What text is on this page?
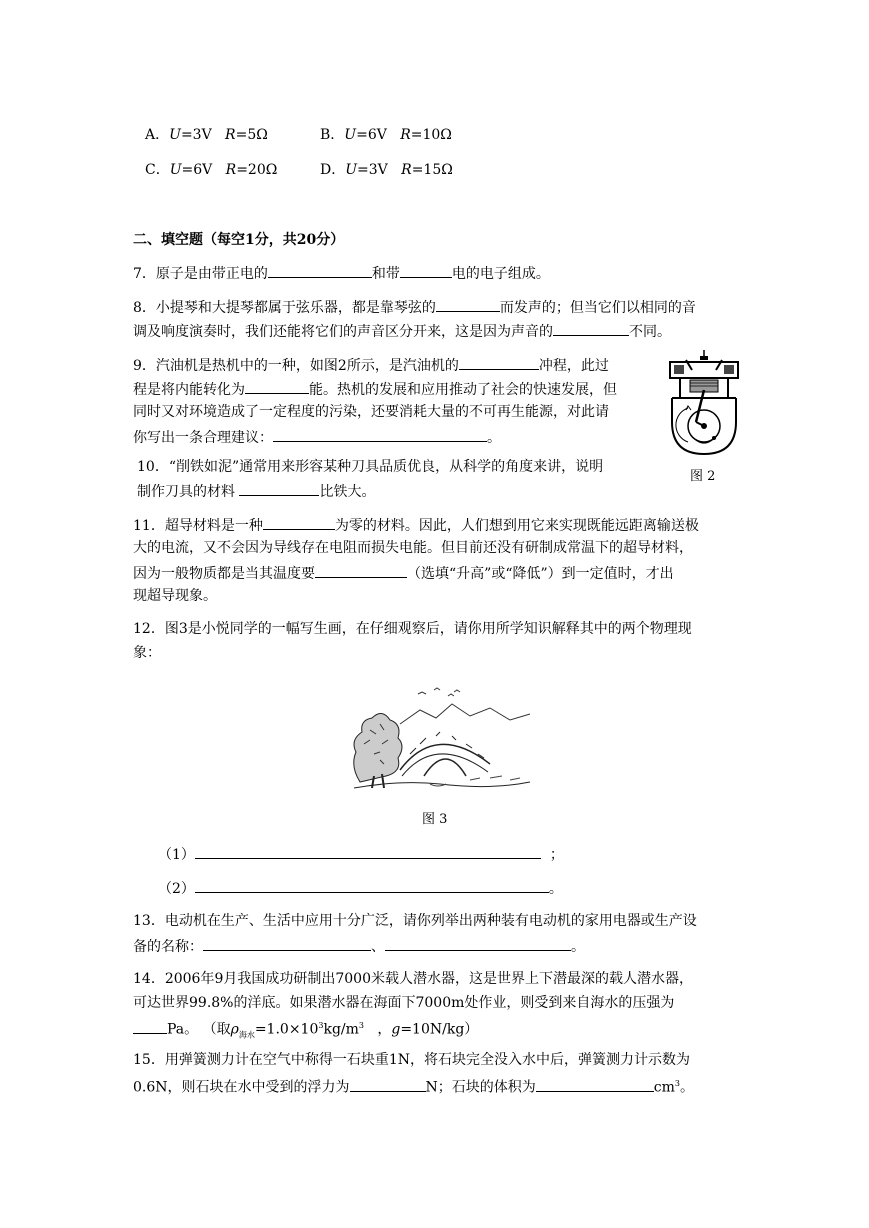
A．U=3V R=5Ω	B．U=6V R=10Ω
C．U=6V R=20Ω	D．U=3V R=15Ω
二、填空题（每空1分，共20分）
7．原子是由带正电的	和带	电的电子组成。
8．小提琴和大提琴都属于弦乐器，都是靠琴弦的	而发声的；但当它们以相同的音
调及响度演奏时，我们还能将它们的声音区分开来，这是因为声音的	不同。
9．汽油机是热机中的一种，如图2所示，是汽油机的	冲程，此过
程是将内能转化为	能。热机的发展和应用推动了社会的快速发展，但
同时又对环境造成了一定程度的污染，还要消耗大量的不可再生能源，对此请
你写出一条合理建议：	。
图 2
10．“削铁如泥”通常用来形容某种刀具品质优良，从科学的角度来讲，说明
制作刀具的材料	比铁大。
11．超导材料是一种	为零的材料。因此，人们想到用它来实现既能远距离输送极
大的电流，又不会因为导线存在电阻而损失电能。但目前还没有研制成常温下的超导材料，
因为一般物质都是当其温度要	（选填“升高”或“降低”）到一定值时，才出
现超导现象。
12．图3是小悦同学的一幅写生画，在仔细观察后，请你用所学知识解释其中的两个物理现
象：
图 3
（1）	；
（2）	。
13．电动机在生产、生活中应用十分广泛，请你列举出两种装有电动机的家用电器或生产设
备的名称：	、	。
14．2006年9月我国成功研制出7000米载人潜水器，这是世界上下潜最深的载人潜水器，
可达世界99.8%的洋底。如果潜水器在海面下7000m处作业，则受到来自海水的压强为
Pa。 （取$\rho_{海水}=1.0\times 10^3kg/m^3$   ，g=10N/kg）
15．用弹簧测力计在空气中称得一石块重1N，将石块完全没入水中后，弹簧测力计示数为
0.6N，则石块在水中受到的浮力为	N；石块的体积为	$cm^3$。
